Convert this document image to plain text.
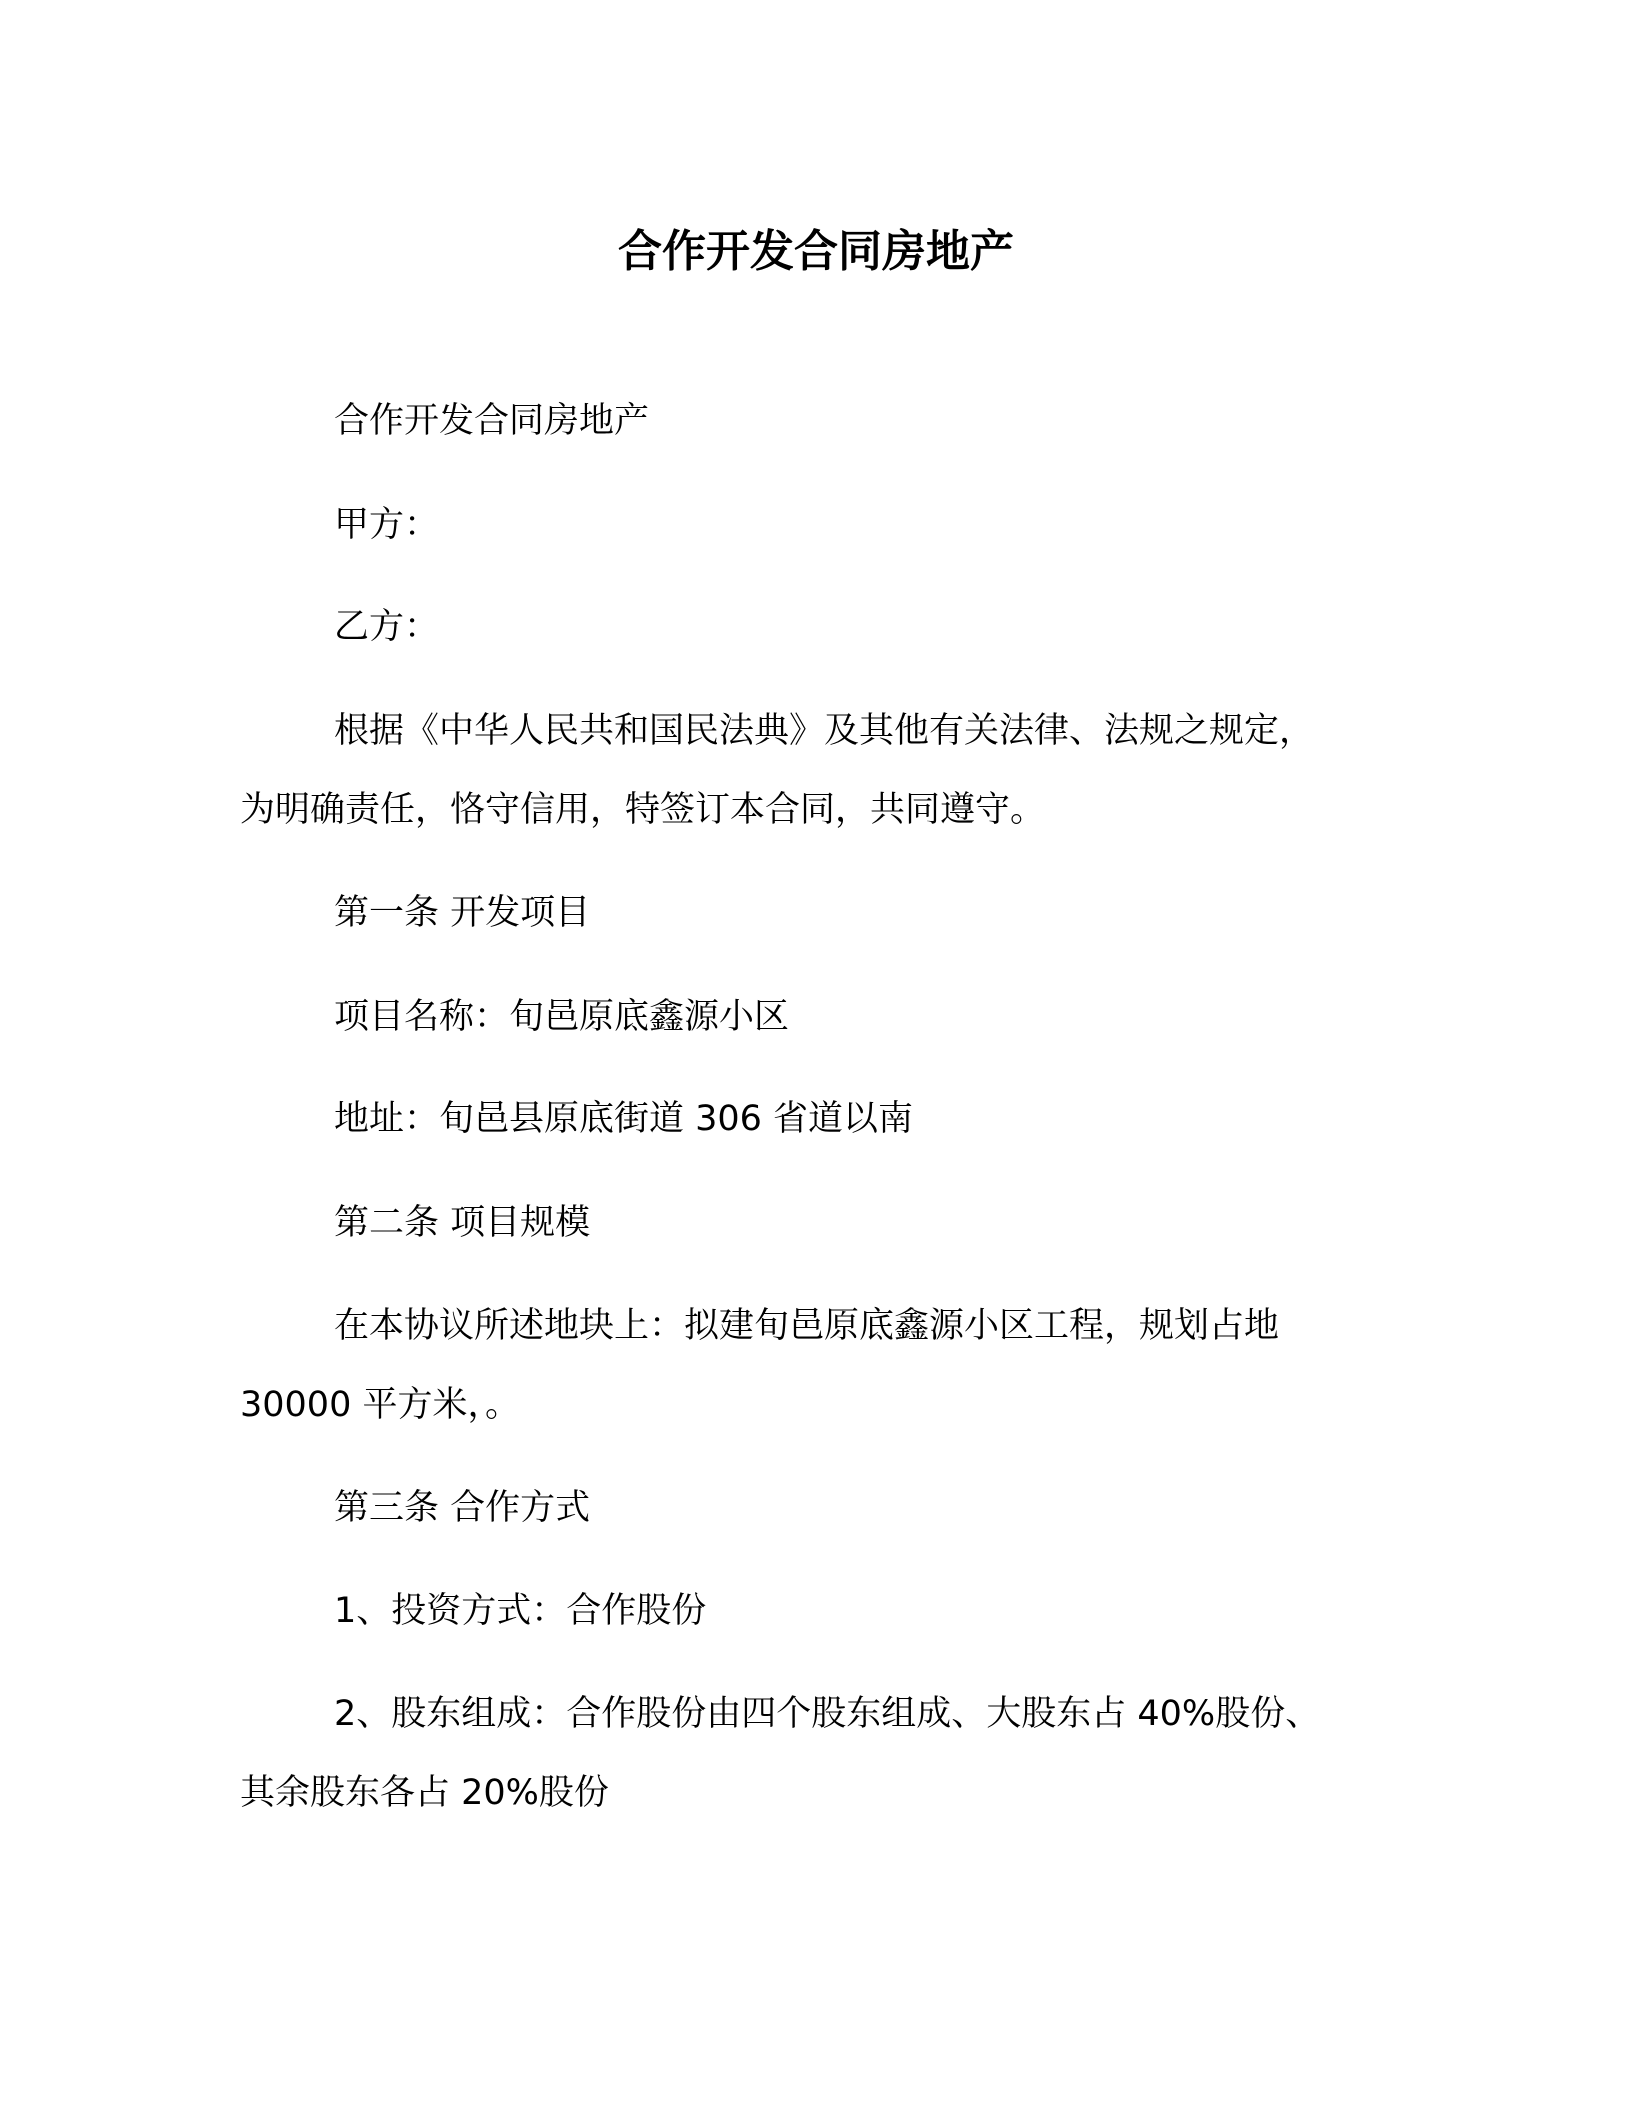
合作开发合同房地产
合作开发合同房地产
甲方：
乙方：
根据《中华人民共和国民法典》及其他有关法律、法规之规定，
为明确责任，恪守信用，特签订本合同，共同遵守。
第一条 开发项目
项目名称：旬邑原底鑫源小区
地址：旬邑县原底街道 306 省道以南
第二条 项目规模
在本协议所述地块上：拟建旬邑原底鑫源小区工程，规划占地
30000 平方米，。
第三条 合作方式
1、投资方式：合作股份
2、股东组成：合作股份由四个股东组成、大股东占 40%股份、
其余股东各占 20%股份
